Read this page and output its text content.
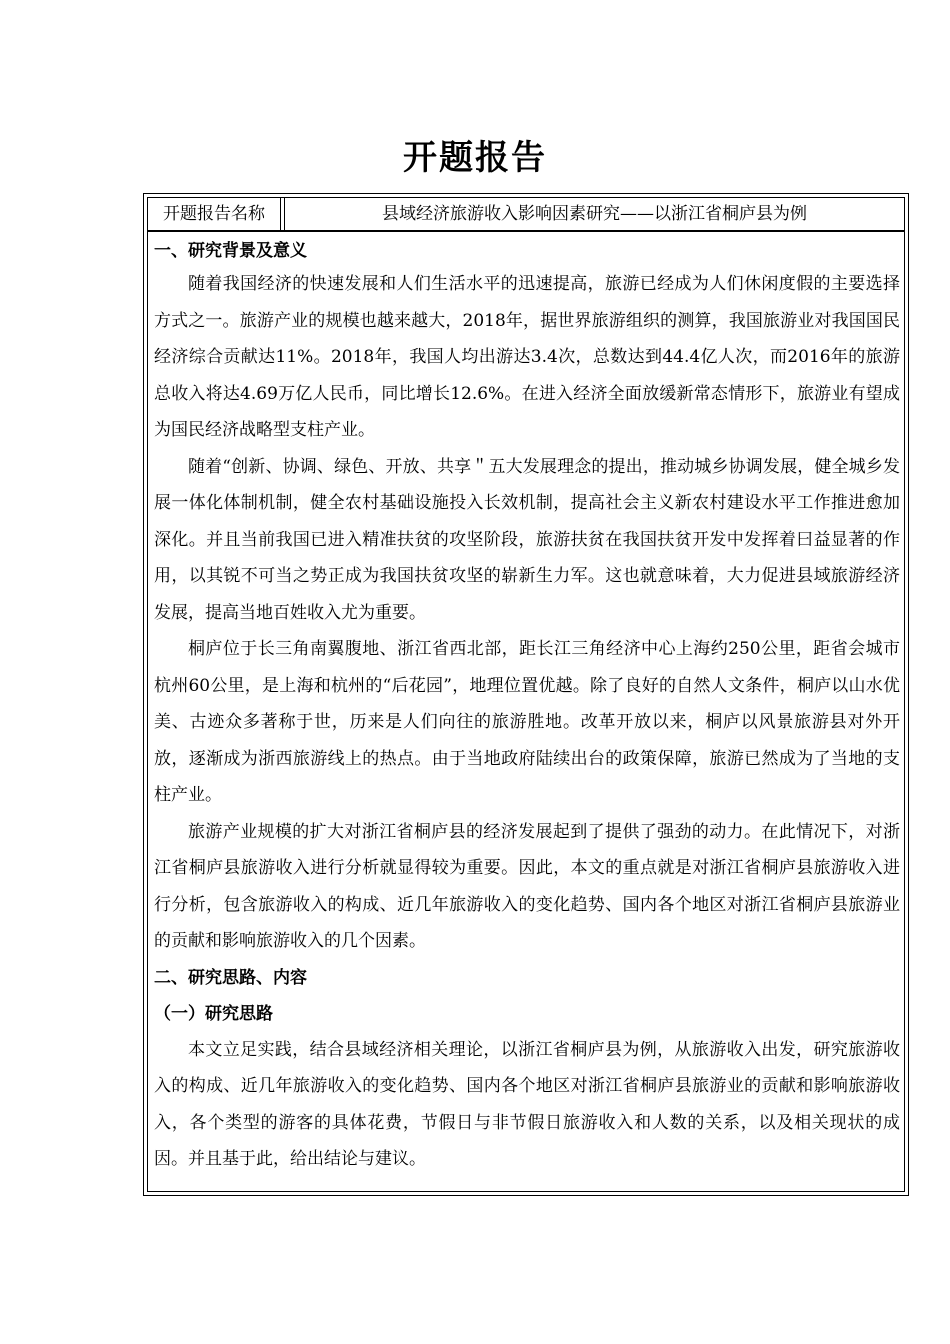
开题报告
开题报告名称	县域经济旅游收入影响因素研究——以浙江省桐庐县为例

一、研究背景及意义

随着我国经济的快速发展和人们生活水平的迅速提高，旅游已经成为人们休闲度假的主要选择方式之一。旅游产业的规模也越来越大，2018年，据世界旅游组织的测算，我国旅游业对我国国民经济综合贡献达11%。2018年，我国人均出游达3.4次，总数达到44.4亿人次，而2016年的旅游总收入将达4.69万亿人民币，同比增长12.6%。在进入经济全面放缓新常态情形下，旅游业有望成为国民经济战略型支柱产业。

随着“创新、协调、绿色、开放、共享＂五大发展理念的提出，推动城乡协调发展，健全城乡发展一体化体制机制，健全农村基础设施投入长效机制，提高社会主义新农村建设水平工作推进愈加深化。并且当前我国已进入精准扶贫的攻坚阶段，旅游扶贫在我国扶贫开发中发挥着曰益显著的作用，以其锐不可当之势正成为我国扶贫攻坚的崭新生力军。这也就意味着，大力促进县域旅游经济发展，提高当地百姓收入尤为重要。

桐庐位于长三角南翼腹地、浙江省西北部，距长江三角经济中心上海约250公里，距省会城市杭州60公里，是上海和杭州的“后花园”，地理位置优越。除了良好的自然人文条件，桐庐以山水优美、古迹众多著称于世，历来是人们向往的旅游胜地。改革开放以来，桐庐以风景旅游县对外开放，逐渐成为浙西旅游线上的热点。由于当地政府陆续出台的政策保障，旅游已然成为了当地的支柱产业。

旅游产业规模的扩大对浙江省桐庐县的经济发展起到了提供了强劲的动力。在此情况下，对浙江省桐庐县旅游收入进行分析就显得较为重要。因此，本文的重点就是对浙江省桐庐县旅游收入进行分析，包含旅游收入的构成、近几年旅游收入的变化趋势、国内各个地区对浙江省桐庐县旅游业的贡献和影响旅游收入的几个因素。

二、研究思路、内容

（一）研究思路

本文立足实践，结合县域经济相关理论，以浙江省桐庐县为例，从旅游收入出发，研究旅游收入的构成、近几年旅游收入的变化趋势、国内各个地区对浙江省桐庐县旅游业的贡献和影响旅游收入，各个类型的游客的具体花费，节假日与非节假日旅游收入和人数的关系，以及相关现状的成因。并且基于此，给出结论与建议。
